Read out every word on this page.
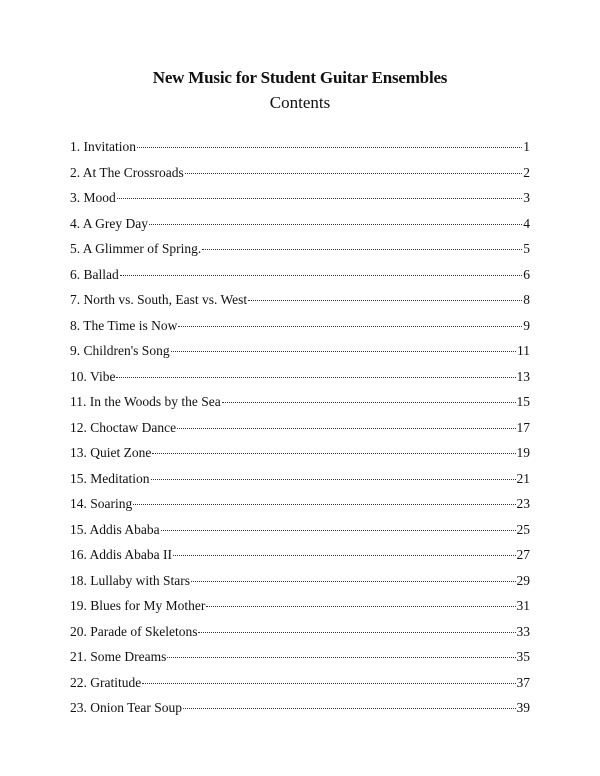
New Music for Student Guitar Ensembles
Contents
1. Invitation	1
2. At The Crossroads	2
3. Mood	3
4. A Grey Day	4
5. A Glimmer of Spring.	5
6. Ballad	6
7. North vs. South, East vs. West	8
8. The Time is Now	9
9. Children's Song	11
10. Vibe	13
11. In the Woods by the Sea	15
12. Choctaw Dance	17
13. Quiet Zone	19
15. Meditation	21
14. Soaring	23
15. Addis Ababa	25
16. Addis Ababa II	27
18. Lullaby with Stars	29
19. Blues for My Mother	31
20. Parade of Skeletons	33
21. Some Dreams	35
22. Gratitude	37
23. Onion Tear Soup	39
